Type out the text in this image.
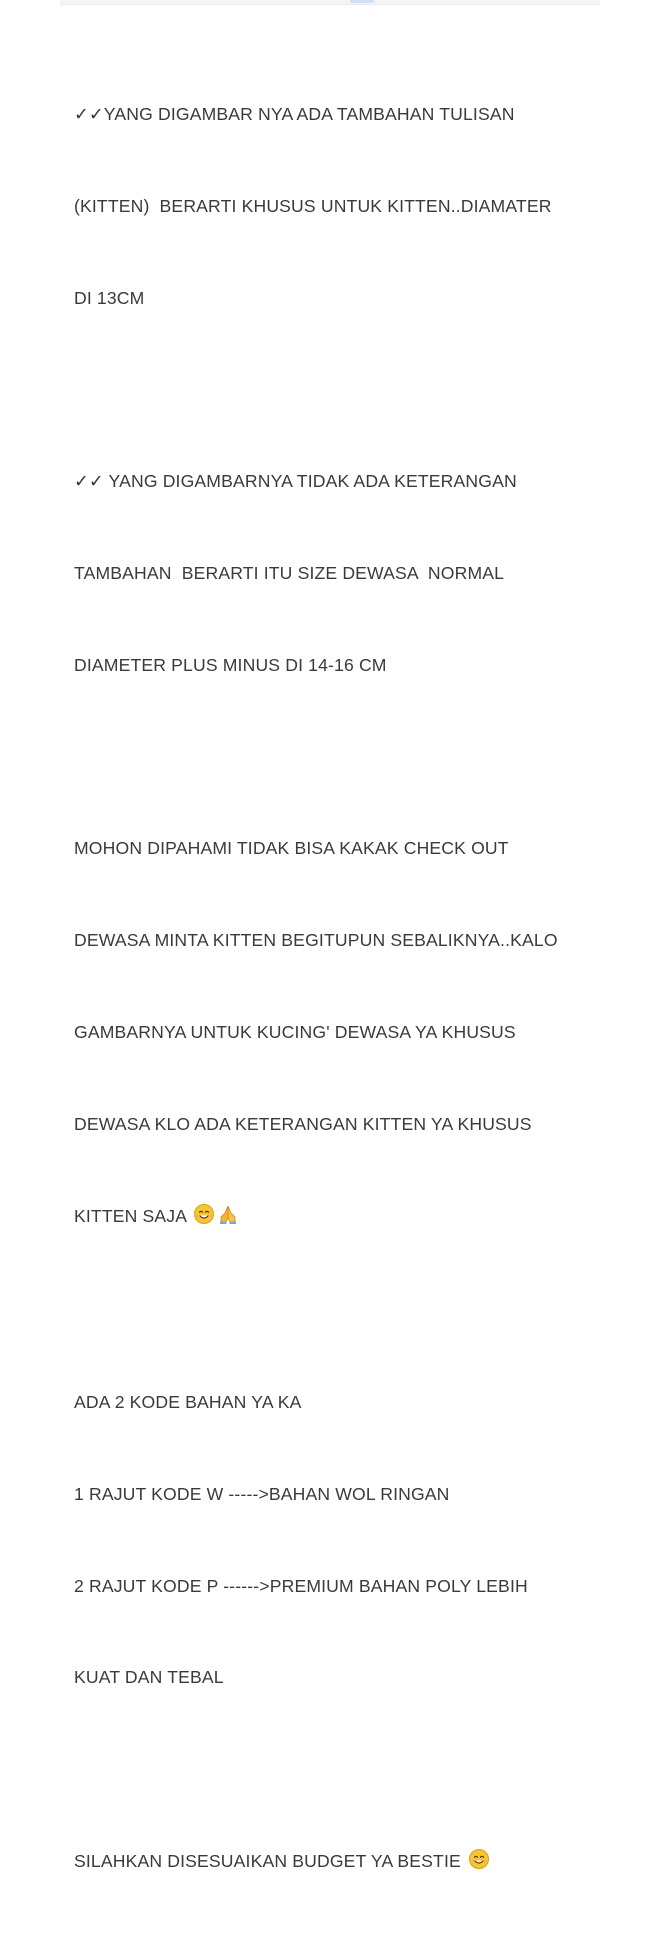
✓✓YANG DIGAMBAR NYA ADA TAMBAHAN TULISAN

(KITTEN)  BERARTI KHUSUS UNTUK KITTEN..DIAMATER

DI 13CM

✓✓ YANG DIGAMBARNYA TIDAK ADA KETERANGAN

TAMBAHAN  BERARTI ITU SIZE DEWASA  NORMAL

DIAMETER PLUS MINUS DI 14-16 CM

MOHON DIPAHAMI TIDAK BISA KAKAK CHECK OUT

DEWASA MINTA KITTEN BEGITUPUN SEBALIKNYA..KALO

GAMBARNYA UNTUK KUCING' DEWASA YA KHUSUS

DEWASA KLO ADA KETERANGAN KITTEN YA KHUSUS

KITTEN SAJA

ADA 2 KODE BAHAN YA KA

1 RAJUT KODE W ----->BAHAN WOL RINGAN

2 RAJUT KODE P ------>PREMIUM BAHAN POLY LEBIH

KUAT DAN TEBAL

SILAHKAN DISESUAIKAN BUDGET YA BESTIE
